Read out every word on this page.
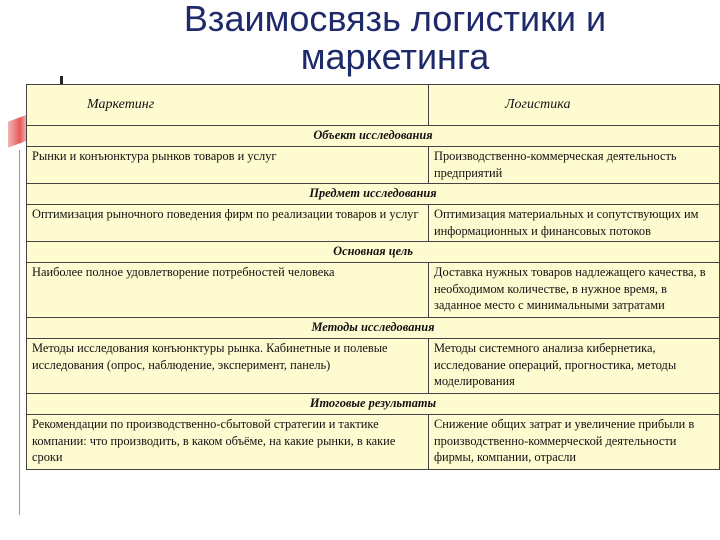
Взаимосвязь логистики и
маркетинга
Маркетинг	Логистика
Объект исследования	
Рынки и конъюнктура рынков товаров и услуг	Производственно-коммерческая деятельность предприятий
Предмет исследования	
Оптимизация рыночного поведения фирм по реализации товаров и услуг	Оптимизация материальных и сопутствующих им информационных и финансовых потоков
Основная цель	
Наиболее полное удовлетворение потребностей человека	Доставка нужных товаров надлежащего качества, в необходимом количестве, в нужное время, в заданное место с минимальными затратами
Методы исследования	
Методы исследования конъюнктуры рынка. Кабинетные и полевые исследования (опрос, наблюдение, эксперимент, панель)	Методы системного анализа кибернетика, исследование операций, прогностика, методы моделирования
Итоговые результаты	
Рекомендации по производственно-сбытовой стратегии и тактике компании: что производить, в каком объёме, на какие рынки, в какие сроки	Снижение общих затрат и увеличение прибыли в производственно-коммерческой деятельности фирмы, компании, отрасли
